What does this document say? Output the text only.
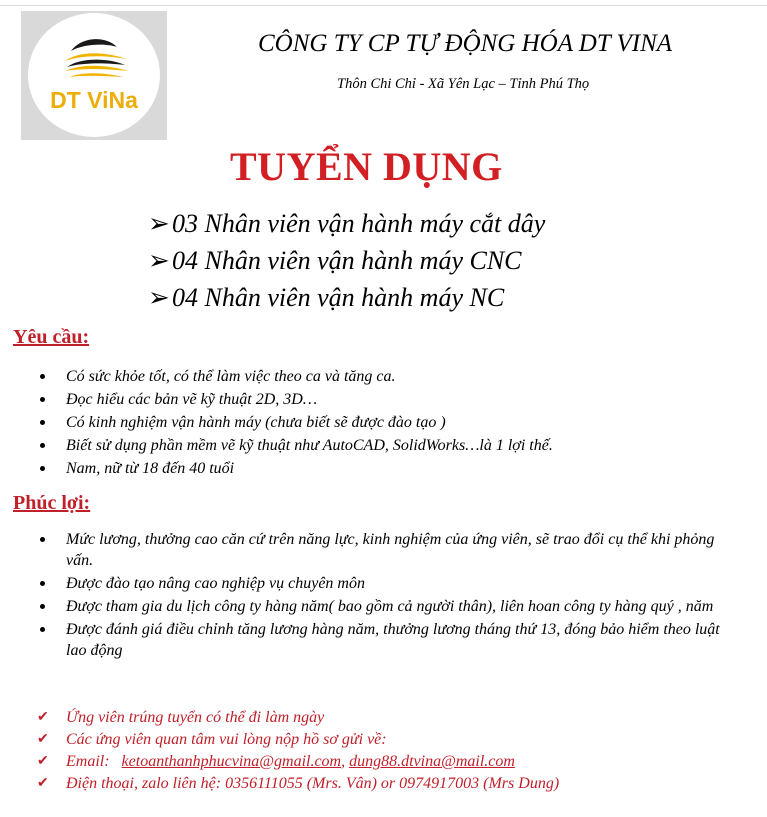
DT ViNa
CÔNG TY CP TỰ ĐỘNG HÓA DT VINA
Thôn Chi Chỉ - Xã Yên Lạc – Tỉnh Phú Thọ
TUYỂN DỤNG
➢ 03 Nhân viên vận hành máy cắt dây
➢ 04 Nhân viên vận hành máy CNC
➢ 04 Nhân viên vận hành máy NC
Yêu cầu:
Có sức khỏe tốt, có thể làm việc theo ca và tăng ca.
Đọc hiểu các bản vẽ kỹ thuật 2D, 3D…
Có kinh nghiệm vận hành máy (chưa biết sẽ được đào tạo )
Biết sử dụng phần mềm vẽ kỹ thuật như AutoCAD, SolidWorks…là 1 lợi thế.
Nam, nữ từ 18 đến 40 tuổi
Phúc lợi:
Mức lương, thưởng cao căn cứ trên năng lực, kinh nghiệm của ứng viên, sẽ trao đổi cụ thể khi phỏng vấn.
Được đào tạo nâng cao nghiệp vụ chuyên môn
Được tham gia du lịch công ty hàng năm( bao gồm cả người thân), liên hoan công ty hàng quý , năm
Được đánh giá điều chỉnh tăng lương hàng năm, thưởng lương tháng thứ 13, đóng bảo hiểm theo luật lao động
✔	Ứng viên trúng tuyển có thể đi làm ngày
✔	Các ứng viên quan tâm vui lòng nộp hồ sơ gửi về:
✔	Email:
ketoanthanhphucvina@gmail.com ,
dung88.dtvina@mail.com
✔	Điện thoại, zalo liên hệ: 0356111055 (Mrs. Vân) or 0974917003 (Mrs Dung)
